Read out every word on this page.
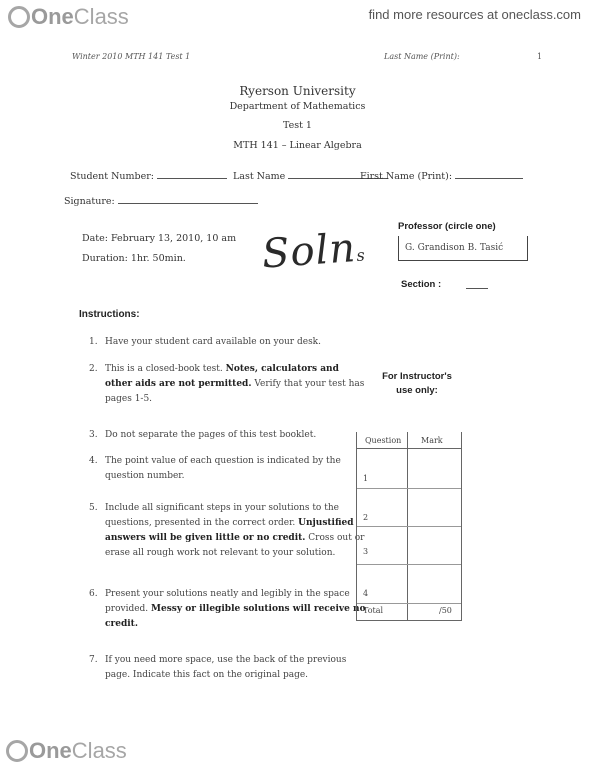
One Class	find more resources at oneclass.com
Winter 2010 MTH 141 Test 1	Last Name (Print):	1
Ryerson University
Department of Mathematics
Test 1
MTH 141 – Linear Algebra
Student Number:	Last Name	First Name (Print):
Signature:
Date: February 13, 2010, 10 am
Duration: 1hr. 50min. Solns
Professor (circle one)
G. Grandison B. Tasić
Section :
Instructions:
1. Have your student card available on your desk.
2. This is a closed-book test. Notes, calculators and other aids are not permitted. Verify that your test has pages 1-5.
3. Do not separate the pages of this test booklet.
4. The point value of each question is indicated by the question number.
5. Include all significant steps in your solutions to the questions, presented in the correct order. Unjustified answers will be given little or no credit. Cross out or erase all rough work not relevant to your solution.
6. Present your solutions neatly and legibly in the space provided. Messy or illegible solutions will receive no credit.
7. If you need more space, use the back of the previous page. Indicate this fact on the original page.
For Instructor's use only:
Question Mark
1
2
3
4
Total	/50
One Class
